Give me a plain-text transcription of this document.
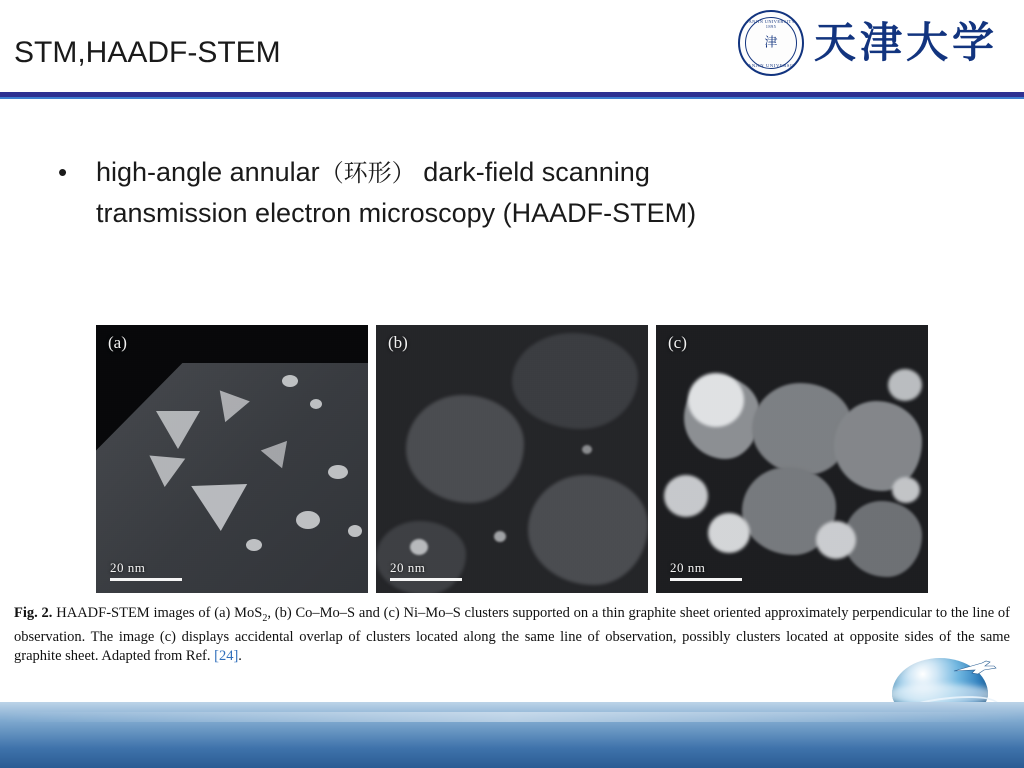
STM,HAADF-STEM
TIANJIN UNIVERSITY · 1895
津
TIANJIN UNIVERSITY 天津大学
•	high-angle annular（环形） dark-field scanning
transmission electron microscopy (HAADF-STEM)
(a)
20 nm
(b)
20 nm
(c)
20 nm
Fig. 2. HAADF-STEM images of (a) MoS$_2$, (b) Co–Mo–S and (c) Ni–Mo–S clusters supported on a thin graphite sheet oriented approximately perpendicular to the line of observation. The image (c) displays accidental overlap of clusters located along the same line of observation, possibly clusters located at opposite sides of the same graphite sheet. Adapted from Ref. [24].
